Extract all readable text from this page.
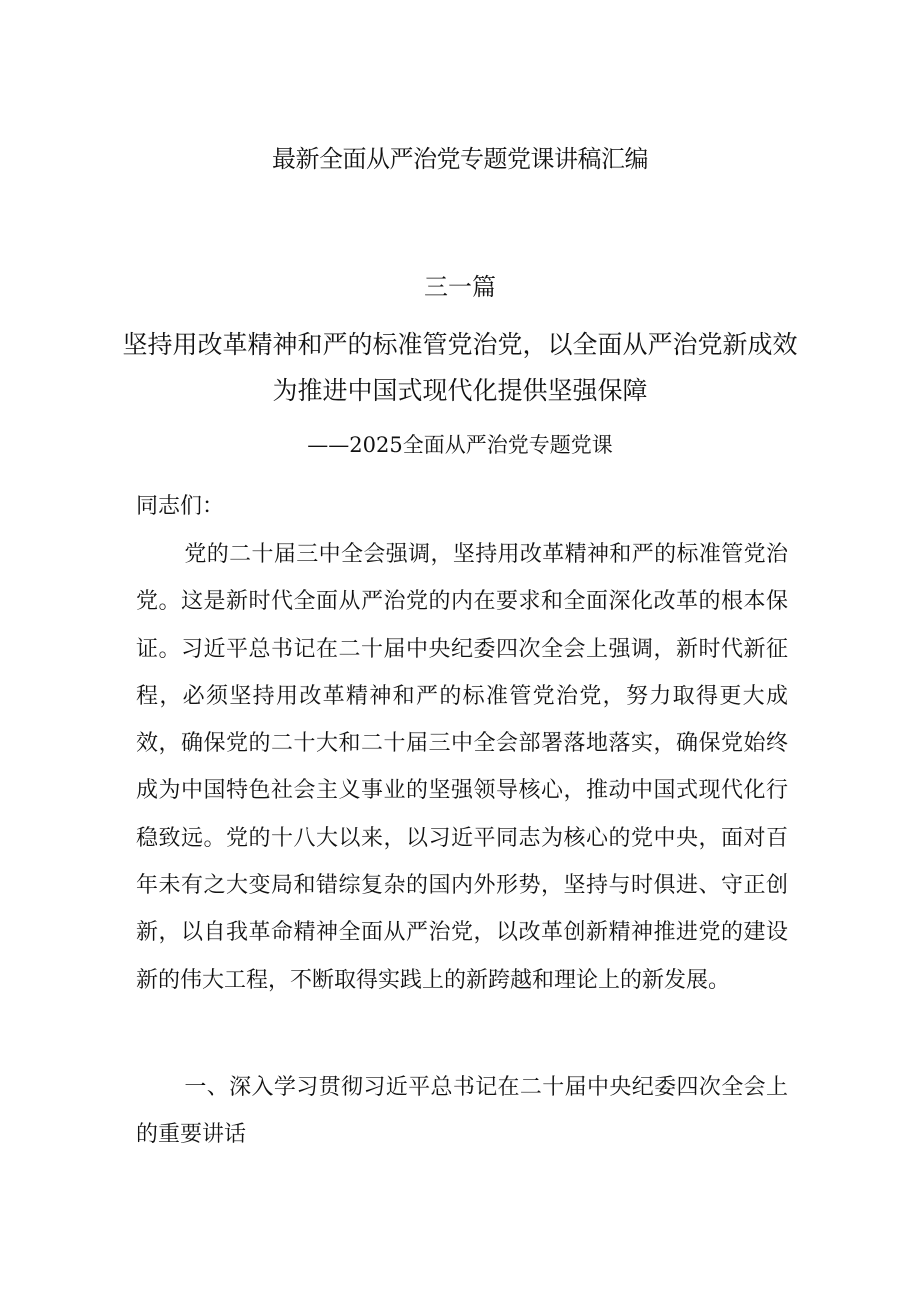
最新全面从严治党专题党课讲稿汇编
三一篇
坚持用改革精神和严的标准管党治党，以全面从严治党新成效为推进中国式现代化提供坚强保障
——2025全面从严治党专题党课
同志们：

党的二十届三中全会强调，坚持用改革精神和严的标准管党治党。这是新时代全面从严治党的内在要求和全面深化改革的根本保证。习近平总书记在二十届中央纪委四次全会上强调，新时代新征程，必须坚持用改革精神和严的标准管党治党，努力取得更大成效，确保党的二十大和二十届三中全会部署落地落实，确保党始终成为中国特色社会主义事业的坚强领导核心，推动中国式现代化行稳致远。党的十八大以来，以习近平同志为核心的党中央，面对百年未有之大变局和错综复杂的国内外形势，坚持与时俱进、守正创新，以自我革命精神全面从严治党，以改革创新精神推进党的建设新的伟大工程，不断取得实践上的新跨越和理论上的新发展。

一、深入学习贯彻习近平总书记在二十届中央纪委四次全会上的重要讲话
